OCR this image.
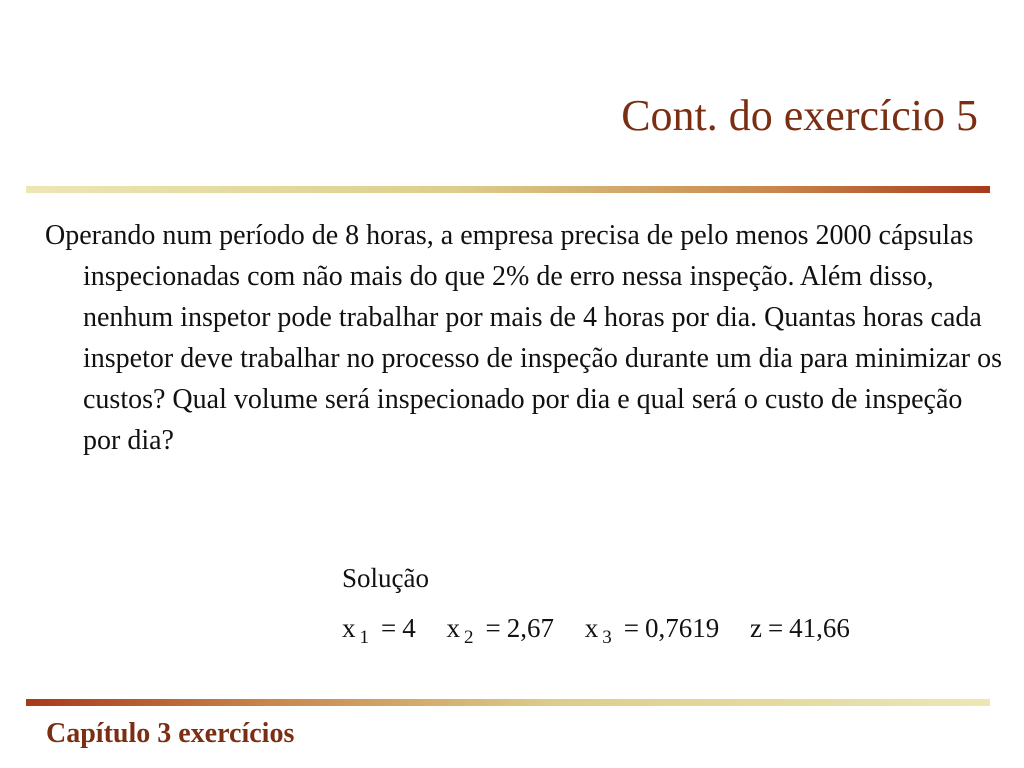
Cont. do exercício 5
Operando num período de 8 horas, a empresa precisa de pelo menos 2000 cápsulas inspecionadas com não mais do que 2% de erro nessa inspeção. Além disso, nenhum inspetor pode trabalhar por mais de 4 horas por dia. Quantas horas cada inspetor deve trabalhar no processo de inspeção durante um dia para minimizar os custos? Qual volume será inspecionado por dia e qual será o custo de inspeção por dia?
Solução
x $_1$ = 4 x $_2$ = 2,67 x $_3$ = 0,7619 z = 41,66
Capítulo 3 exercícios
